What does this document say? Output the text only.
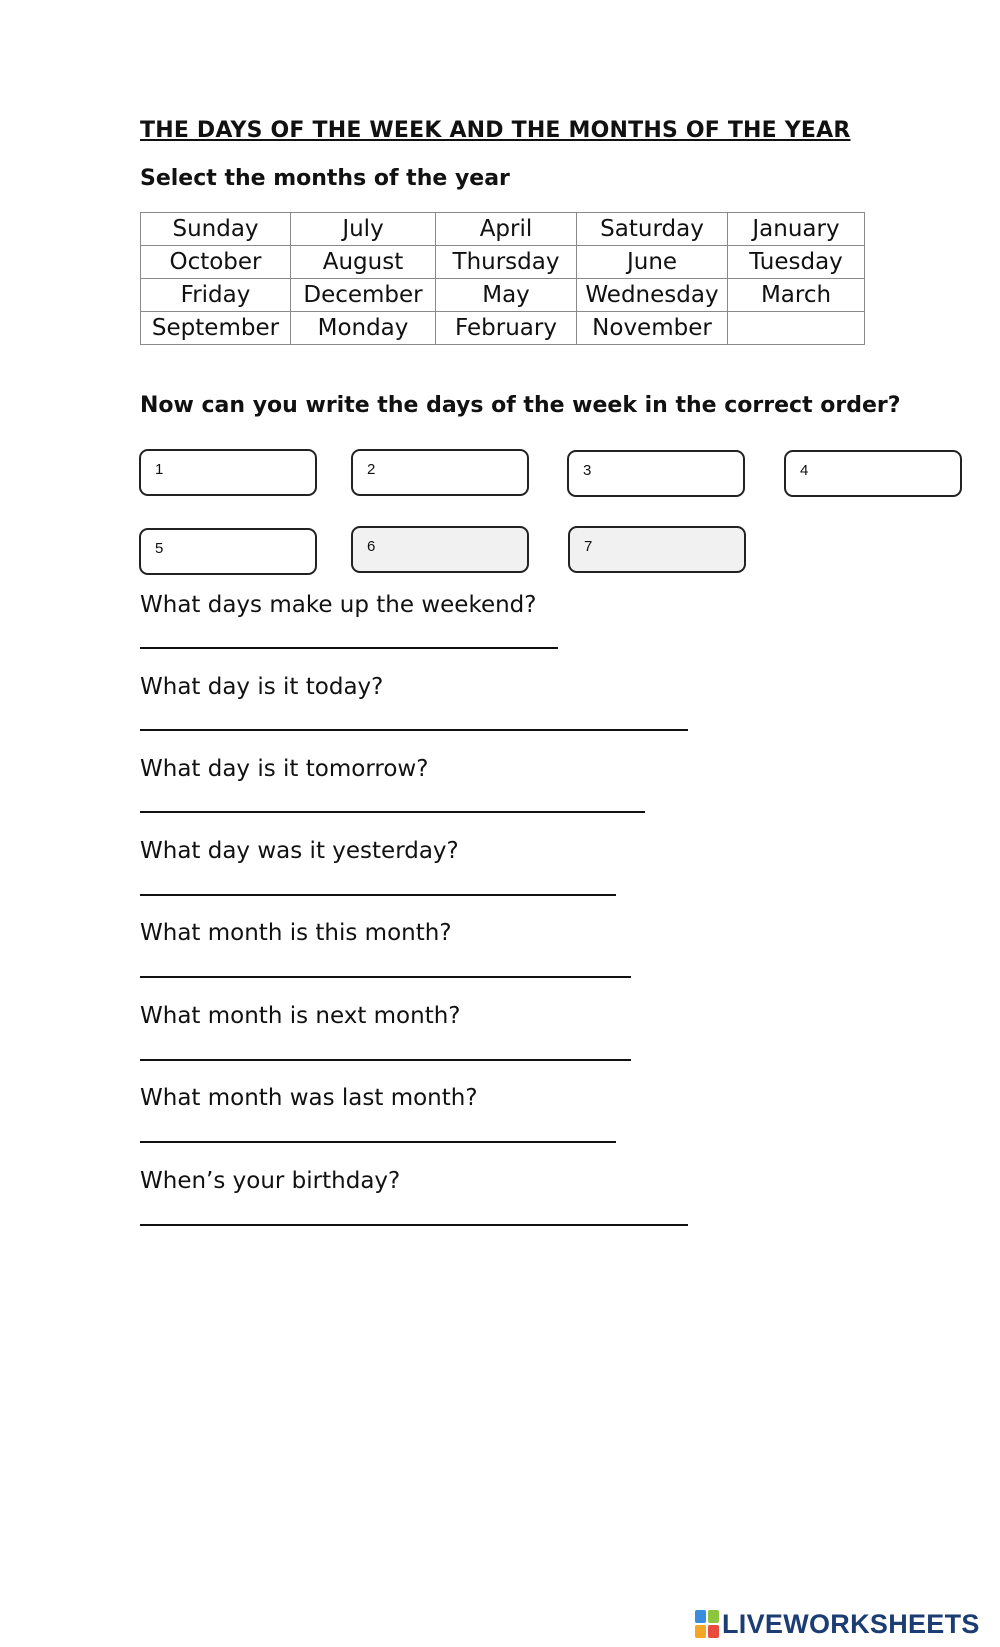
THE DAYS OF THE WEEK AND THE MONTHS OF THE YEAR
Select the months of the year
Sunday	July	April	Saturday	January
October	August	Thursday	June	Tuesday
Friday	December	May	Wednesday	March
September	Monday	February	November	
Now can you write the days of the week in the correct order?
1	2	3	4
5	6	7
What days make up the weekend?
What day is it today?
What day is it tomorrow?
What day was it yesterday?
What month is this month?
What month is next month?
What month was last month?
When’s your birthday?
LIVEWORKSHEETS
